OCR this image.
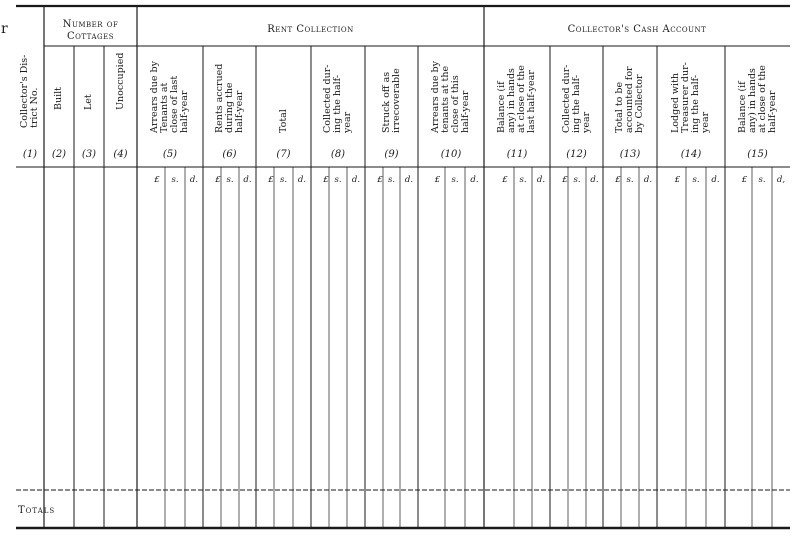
r	Number of
Cottages
Rent Collection	Collector's Cash Account
Collector's Dis- trict No.
(1)
Built
(2)
Let
(3)
Unoccupied
(4)
Arrears due by Tenants at close of last half-year
(5)
£ s. d.
Rents accrued during the half-year
(6)
£ s. d.
Total
(7)
£ s. d.
Collected dur- ing the half- year
(8)
£ s. d.
Struck off as irrecoverable
(9)
£ s. d.
Arrears due by tenants at the close of this half-year
(10)
£ s. d.
Balance (if any) in hands at close of the last half-year
(11)
£ s. d.
Collected dur- ing the half- year
(12)
£ s. d.
Total to be accounted for by Collector
(13)
£ s. d.
Lodged with Treasurer dur- ing the half- year
(14)
£ s. d.
Balance (if any) in hands at close of the half-year
(15)
£ s. d,
Totals
